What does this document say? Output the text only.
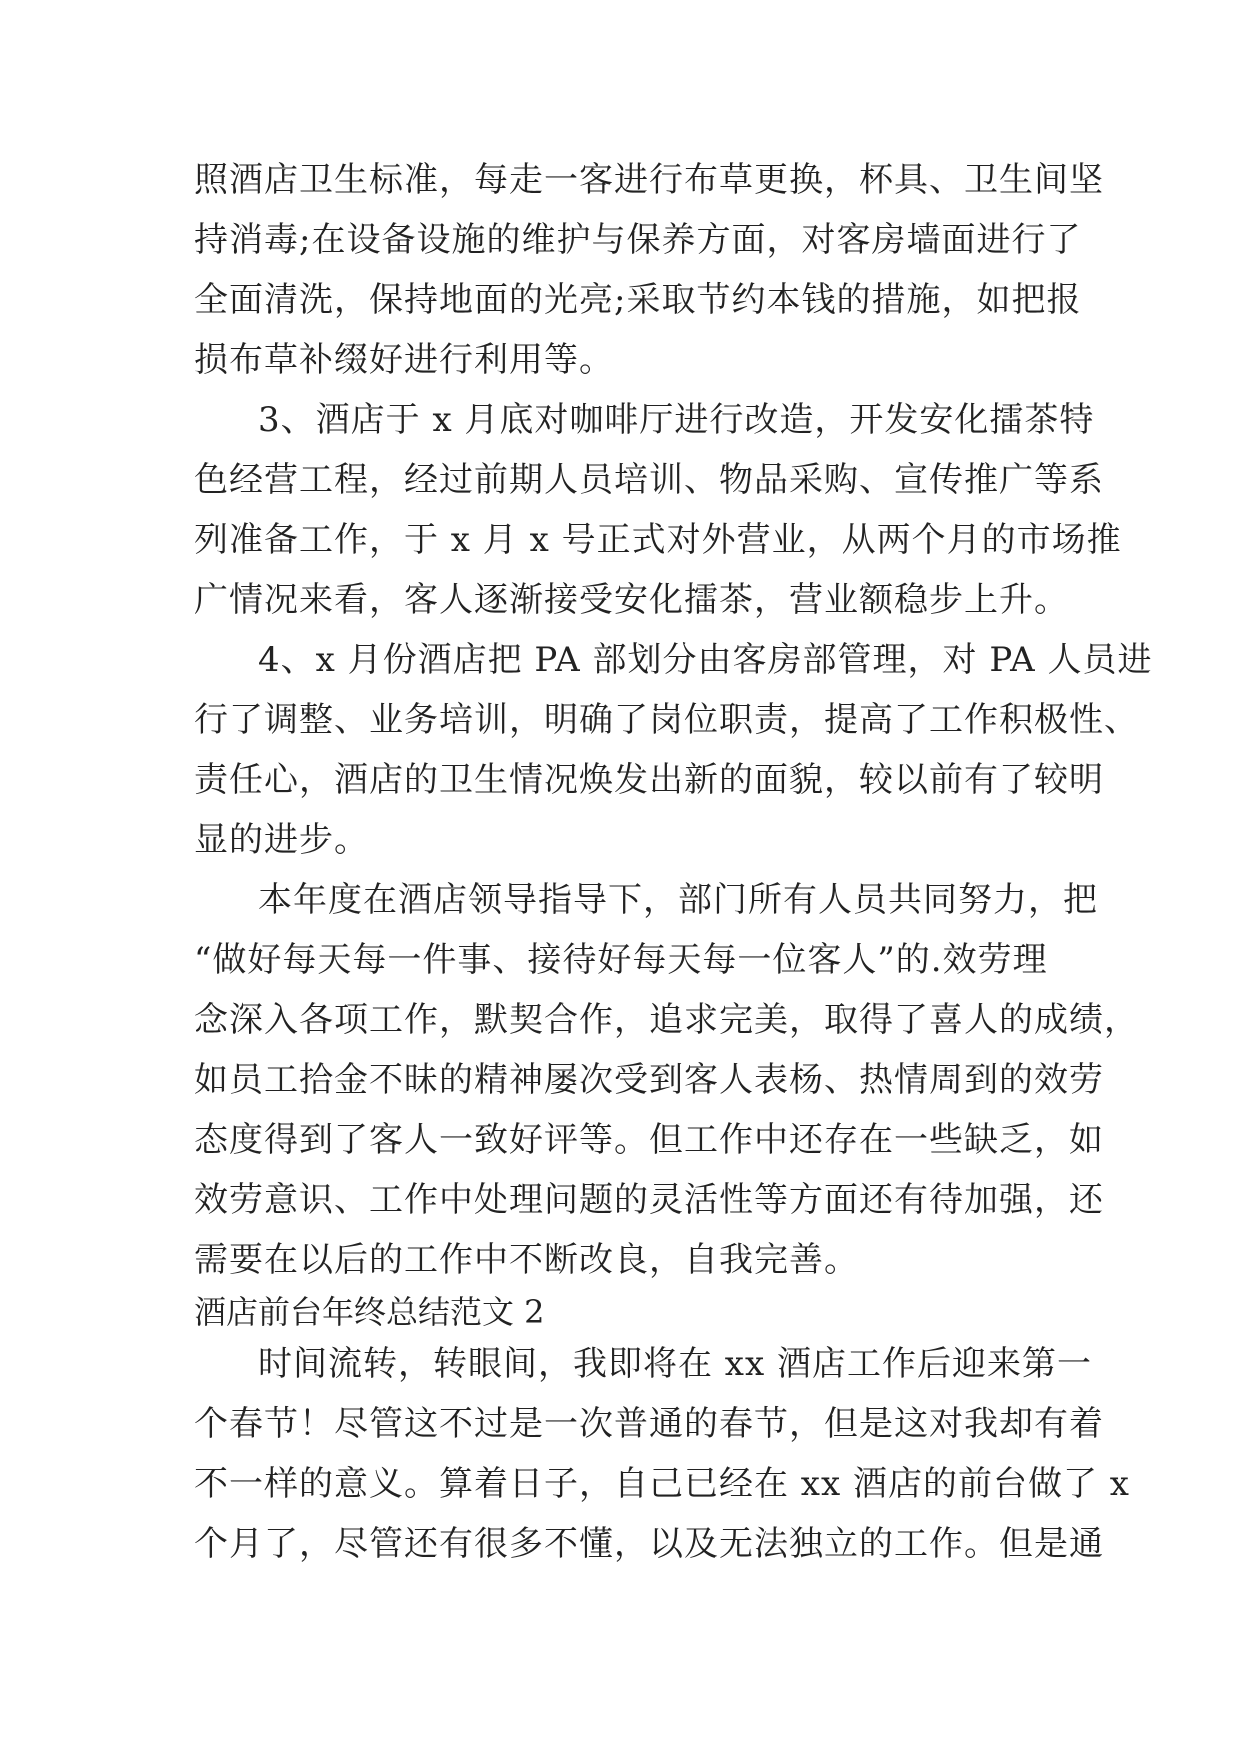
照酒店卫生标准，每走一客进行布草更换，杯具、卫生间坚
持消毒;在设备设施的维护与保养方面，对客房墙面进行了
全面清洗，保持地面的光亮;采取节约本钱的措施，如把报
损布草补缀好进行利用等。
3、酒店于 x 月底对咖啡厅进行改造，开发安化擂茶特
色经营工程，经过前期人员培训、物品采购、宣传推广等系
列准备工作，于 x 月 x 号正式对外营业，从两个月的市场推
广情况来看，客人逐渐接受安化擂茶，营业额稳步上升。
4、x 月份酒店把 PA 部划分由客房部管理，对 PA 人员进
行了调整、业务培训，明确了岗位职责，提高了工作积极性、
责任心，酒店的卫生情况焕发出新的面貌，较以前有了较明
显的进步。
本年度在酒店领导指导下，部门所有人员共同努力，把
“做好每天每一件事、接待好每天每一位客人”的.效劳理
念深入各项工作，默契合作，追求完美，取得了喜人的成绩，
如员工拾金不昧的精神屡次受到客人表杨、热情周到的效劳
态度得到了客人一致好评等。但工作中还存在一些缺乏，如
效劳意识、工作中处理问题的灵活性等方面还有待加强，还
需要在以后的工作中不断改良，自我完善。
酒店前台年终总结范文 2
时间流转，转眼间，我即将在 xx 酒店工作后迎来第一
个春节！尽管这不过是一次普通的春节，但是这对我却有着
不一样的意义。算着日子，自己已经在 xx 酒店的前台做了 x
个月了，尽管还有很多不懂，以及无法独立的工作。但是通
